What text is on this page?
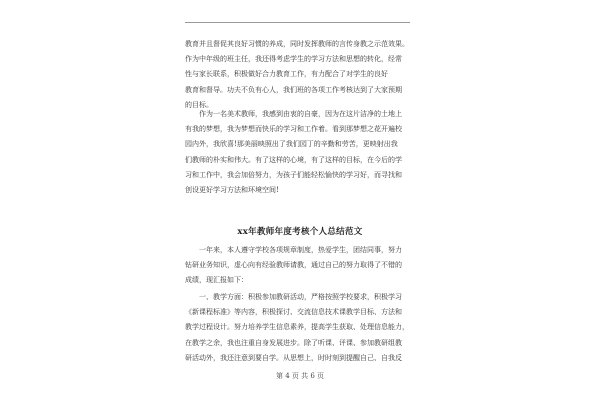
教育并且督促其良好习惯的养成，同时发挥教师的言传身教之示范效果。
作为中年级的班主任，我还得考虑学生的学习方法和思想的转化，经常
性与家长联系，积极做好合力教育工作，有力配合了对学生的良好
教育和督导。功夫不负有心人，我们班的各项工作考核达到了大家预期
的目标。

　　作为一名美术教师，我感到由衷的自豪，因为在这片洁净的土地上
有我的梦想，我为梦想而快乐的学习和工作着。看到那梦想之花开遍校
园内外，我欣喜!那美丽映照出了我们园丁的辛勤和劳苦，更映射出我
们教师的朴实和伟大。有了这样的心境，有了这样的目标，在今后的学
习和工作中，我会加倍努力，为孩子们能轻松愉快的学习好，而寻找和
创设更好学习方法和环境空间!

xx年教师年度考核个人总结范文

　　一年来，本人遵守学校各项规章制度，热爱学生，团结同事，努力
钻研业务知识，虚心向有经验教师请教，通过自己的努力取得了不错的
成绩，现汇报如下：

　　一、教学方面：积极参加教研活动，严格按照学校要求，积极学习
《新课程标准》等内容，积极探讨、交流信息技术课教学目标、方法和
教学过程设计。努力培养学生信息素养，提高学生获取、处理信息能力，
在教学之余，我也注重自身发展进步。除了听课、评课、参加教研组教
研活动外，我还注意到要自学。从思想上，时时刻到提醒自己、自我反

第 4 页 共 6 页
